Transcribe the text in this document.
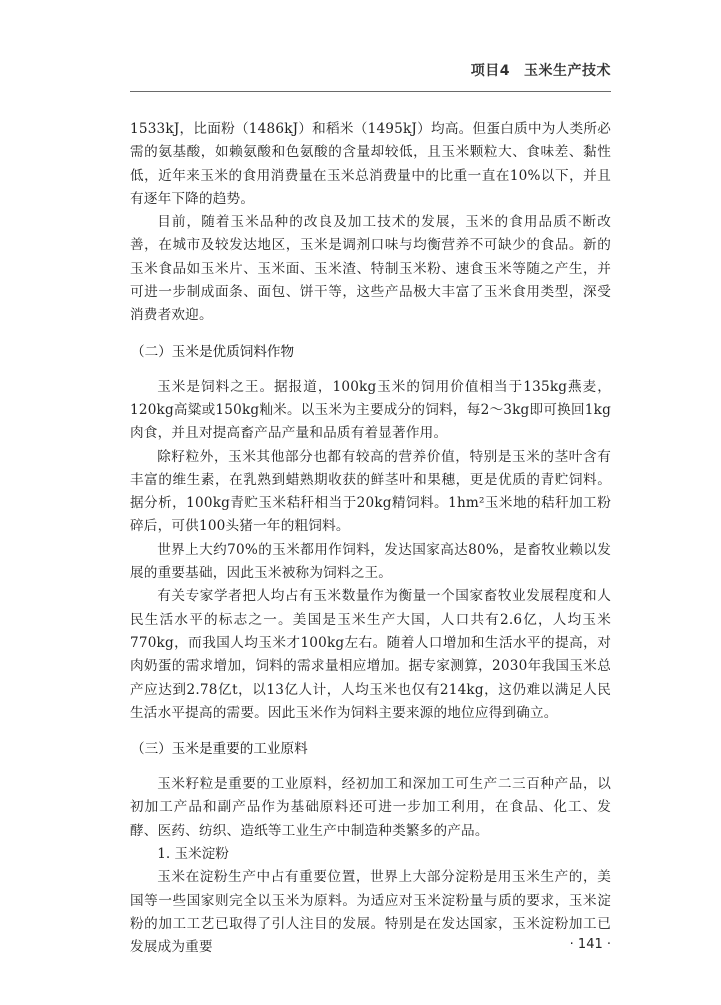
项目4 玉米生产技术

1533kJ，比面粉（1486kJ）和稻米（1495kJ）均高。但蛋白质中为人类所必需的氨基酸，如赖氨酸和色氨酸的含量却较低，且玉米颗粒大、食味差、黏性低，近年来玉米的食用消费量在玉米总消费量中的比重一直在10%以下，并且有逐年下降的趋势。

目前，随着玉米品种的改良及加工技术的发展，玉米的食用品质不断改善，在城市及较发达地区，玉米是调剂口味与均衡营养不可缺少的食品。新的玉米食品如玉米片、玉米面、玉米渣、特制玉米粉、速食玉米等随之产生，并可进一步制成面条、面包、饼干等，这些产品极大丰富了玉米食用类型，深受消费者欢迎。

（二）玉米是优质饲料作物

玉米是饲料之王。据报道，100kg玉米的饲用价值相当于135kg燕麦，120kg高粱或150kg籼米。以玉米为主要成分的饲料，每2～3kg即可换回1kg肉食，并且对提高畜产品产量和品质有着显著作用。

除籽粒外，玉米其他部分也都有较高的营养价值，特别是玉米的茎叶含有丰富的维生素，在乳熟到蜡熟期收获的鲜茎叶和果穗，更是优质的青贮饲料。据分析，100kg青贮玉米秸秆相当于20kg精饲料。1hm²玉米地的秸秆加工粉碎后，可供100头猪一年的粗饲料。

世界上大约70%的玉米都用作饲料，发达国家高达80%，是畜牧业赖以发展的重要基础，因此玉米被称为饲料之王。

有关专家学者把人均占有玉米数量作为衡量一个国家畜牧业发展程度和人民生活水平的标志之一。美国是玉米生产大国，人口共有2.6亿，人均玉米770kg，而我国人均玉米才100kg左右。随着人口增加和生活水平的提高，对肉奶蛋的需求增加，饲料的需求量相应增加。据专家测算，2030年我国玉米总产应达到2.78亿t，以13亿人计，人均玉米也仅有214kg，这仍难以满足人民生活水平提高的需要。因此玉米作为饲料主要来源的地位应得到确立。

（三）玉米是重要的工业原料

玉米籽粒是重要的工业原料，经初加工和深加工可生产二三百种产品，以初加工产品和副产品作为基础原料还可进一步加工利用，在食品、化工、发酵、医药、纺织、造纸等工业生产中制造种类繁多的产品。

1. 玉米淀粉

玉米在淀粉生产中占有重要位置，世界上大部分淀粉是用玉米生产的，美国等一些国家则完全以玉米为原料。为适应对玉米淀粉量与质的要求，玉米淀粉的加工工艺已取得了引人注目的发展。特别是在发达国家，玉米淀粉加工已发展成为重要	· 141 ·
